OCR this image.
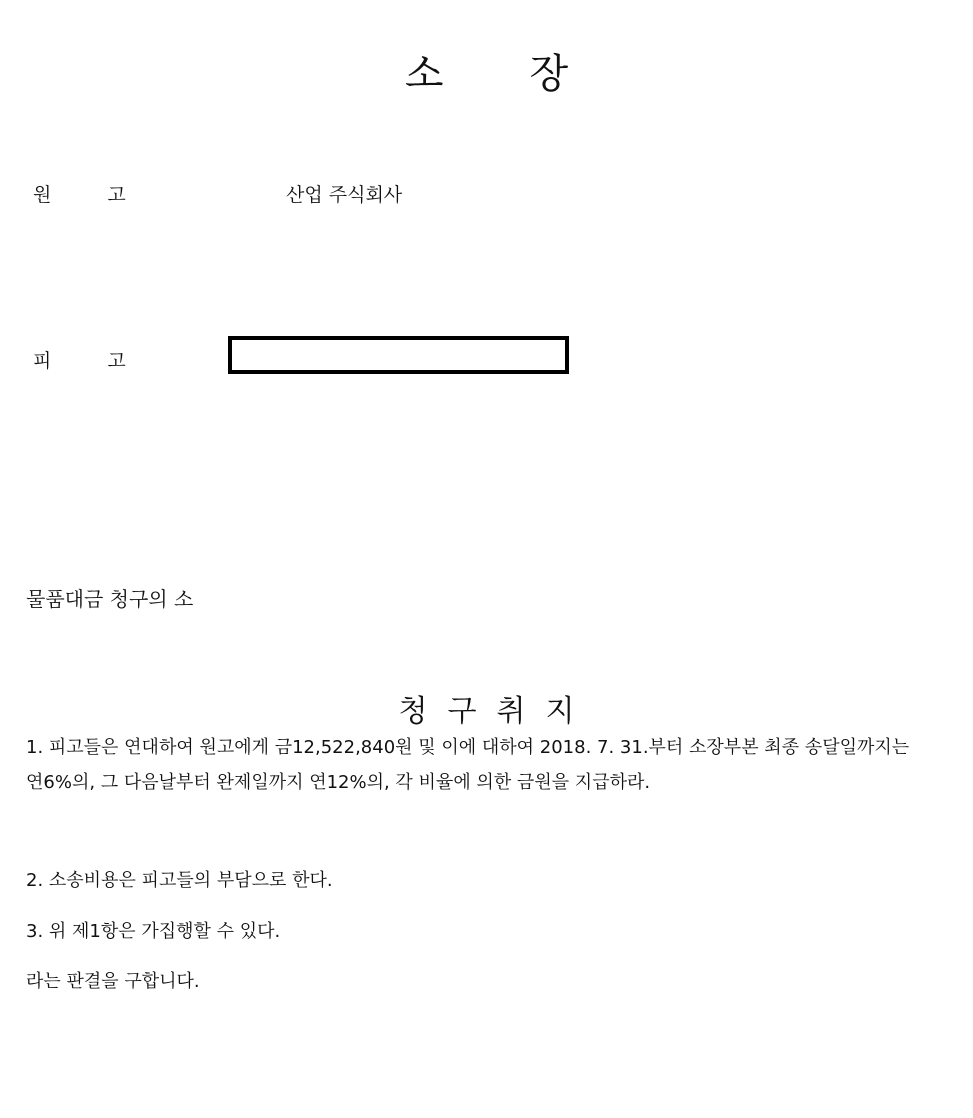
소 장
원	고	산업 주식회사
피	고
물품대금 청구의 소
청구취지
1. 피고들은 연대하여 원고에게 금12,522,840원 및 이에 대하여 2018. 7. 31.부터 소장부본 최종 송달일까지는 연6%의, 그 다음날부터 완제일까지 연12%의, 각 비율에 의한 금원을 지급하라.
2. 소송비용은 피고들의 부담으로 한다.
3. 위 제1항은 가집행할 수 있다.
라는 판결을 구합니다.
